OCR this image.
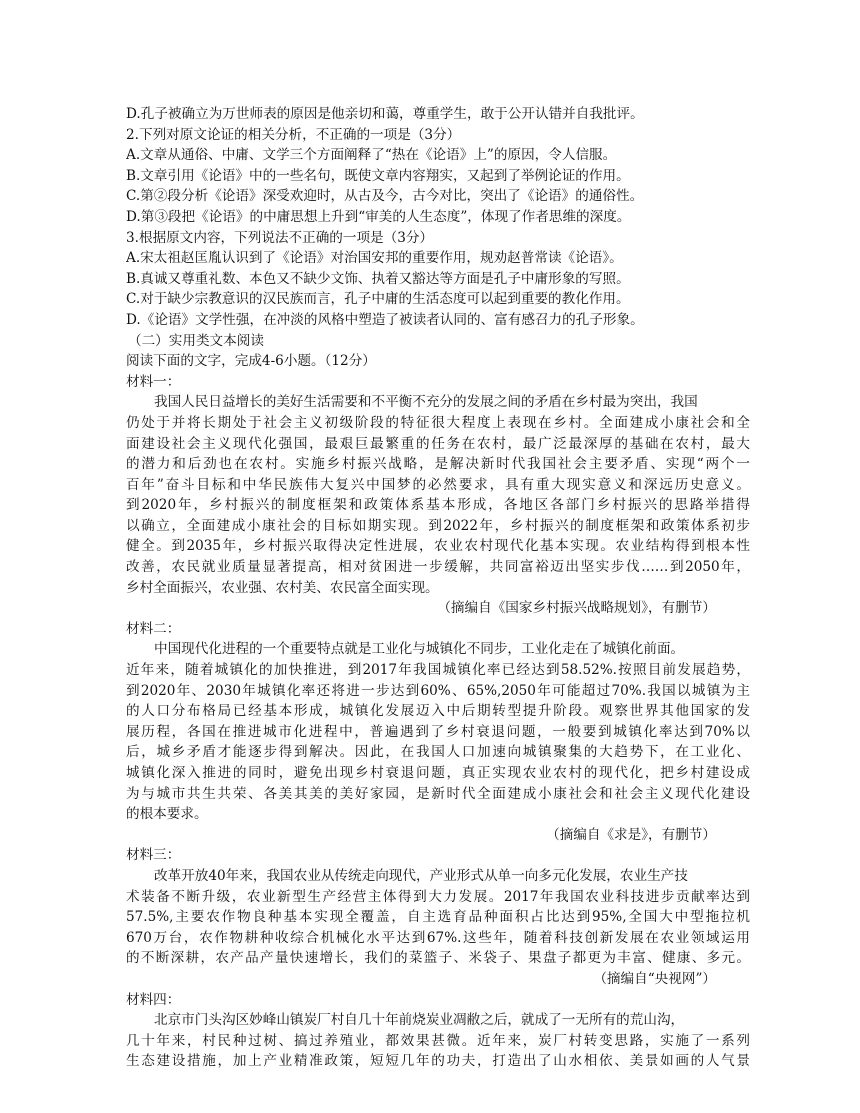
D.孔子被确立为万世师表的原因是他亲切和蔼，尊重学生，敢于公开认错并自我批评。
2.下列对原文论证的相关分析，不正确的一项是（3分）
A.文章从通俗、中庸、文学三个方面阐释了“热在《论语》上”的原因，令人信服。
B.文章引用《论语》中的一些名句，既使文章内容翔实，又起到了举例论证的作用。
C.第②段分析《论语》深受欢迎时，从古及今，古今对比，突出了《论语》的通俗性。
D.第③段把《论语》的中庸思想上升到“审美的人生态度”，体现了作者思维的深度。
3.根据原文内容，下列说法不正确的一项是（3分）
A.宋太祖赵匡胤认识到了《论语》对治国安邦的重要作用，规劝赵普常读《论语》。
B.真诚又尊重礼数、本色又不缺少文饰、执着又豁达等方面是孔子中庸形象的写照。
C.对于缺少宗教意识的汉民族而言，孔子中庸的生活态度可以起到重要的教化作用。
D.《论语》文学性强，在冲淡的风格中塑造了被读者认同的、富有感召力的孔子形象。
（二）实用类文本阅读
阅读下面的文字，完成4-6小题。（12分）
材料一：
我国人民日益增长的美好生活需要和不平衡不充分的发展之间的矛盾在乡村最为突出，我国
仍处于并将长期处于社会主义初级阶段的特征很大程度上表现在乡村。全面建成小康社会和全
面建设社会主义现代化强国，最艰巨最繁重的任务在农村，最广泛最深厚的基础在农村，最大
的潜力和后劲也在农村。实施乡村振兴战略，是解决新时代我国社会主要矛盾、实现“两个一
百年”奋斗目标和中华民族伟大复兴中国梦的必然要求，具有重大现实意义和深远历史意义。
到2020年，乡村振兴的制度框架和政策体系基本形成，各地区各部门乡村振兴的思路举措得
以确立，全面建成小康社会的目标如期实现。到2022年，乡村振兴的制度框架和政策体系初步
健全。到2035年，乡村振兴取得决定性进展，农业农村现代化基本实现。农业结构得到根本性
改善，农民就业质量显著提高，相对贫困进一步缓解，共同富裕迈出坚实步伐……到2050年，
乡村全面振兴，农业强、农村美、农民富全面实现。
（摘编自《国家乡村振兴战略规划》，有删节）
材料二：
中国现代化进程的一个重要特点就是工业化与城镇化不同步，工业化走在了城镇化前面。
近年来，随着城镇化的加快推进，到2017年我国城镇化率已经达到58.52%.按照目前发展趋势，
到2020年、2030年城镇化率还将进一步达到60%、65%,2050年可能超过70%.我国以城镇为主
的人口分布格局已经基本形成，城镇化发展迈入中后期转型提升阶段。观察世界其他国家的发
展历程，各国在推进城市化进程中，普遍遇到了乡村衰退问题，一般要到城镇化率达到70%以
后，城乡矛盾才能逐步得到解决。因此，在我国人口加速向城镇聚集的大趋势下，在工业化、
城镇化深入推进的同时，避免出现乡村衰退问题，真正实现农业农村的现代化，把乡村建设成
为与城市共生共荣、各美其美的美好家园，是新时代全面建成小康社会和社会主义现代化建设
的根本要求。
（摘编自《求是》，有删节）
材料三：
改革开放40年来，我国农业从传统走向现代，产业形式从单一向多元化发展，农业生产技
术装备不断升级，农业新型生产经营主体得到大力发展。2017年我国农业科技进步贡献率达到
57.5%,主要农作物良种基本实现全覆盖，自主选育品种面积占比达到95%,全国大中型拖拉机
670万台，农作物耕种收综合机械化水平达到67%.这些年，随着科技创新发展在农业领域运用
的不断深耕，农产品产量快速增长，我们的菜篮子、米袋子、果盘子都更为丰富、健康、多元。
（摘编自“央视网”）
材料四：
北京市门头沟区妙峰山镇炭厂村自几十年前烧炭业凋敝之后，就成了一无所有的荒山沟，
几十年来，村民种过树、搞过养殖业，都效果甚微。近年来，炭厂村转变思路，实施了一系列
生态建设措施，加上产业精准政策，短短几年的功夫，打造出了山水相依、美景如画的人气景
